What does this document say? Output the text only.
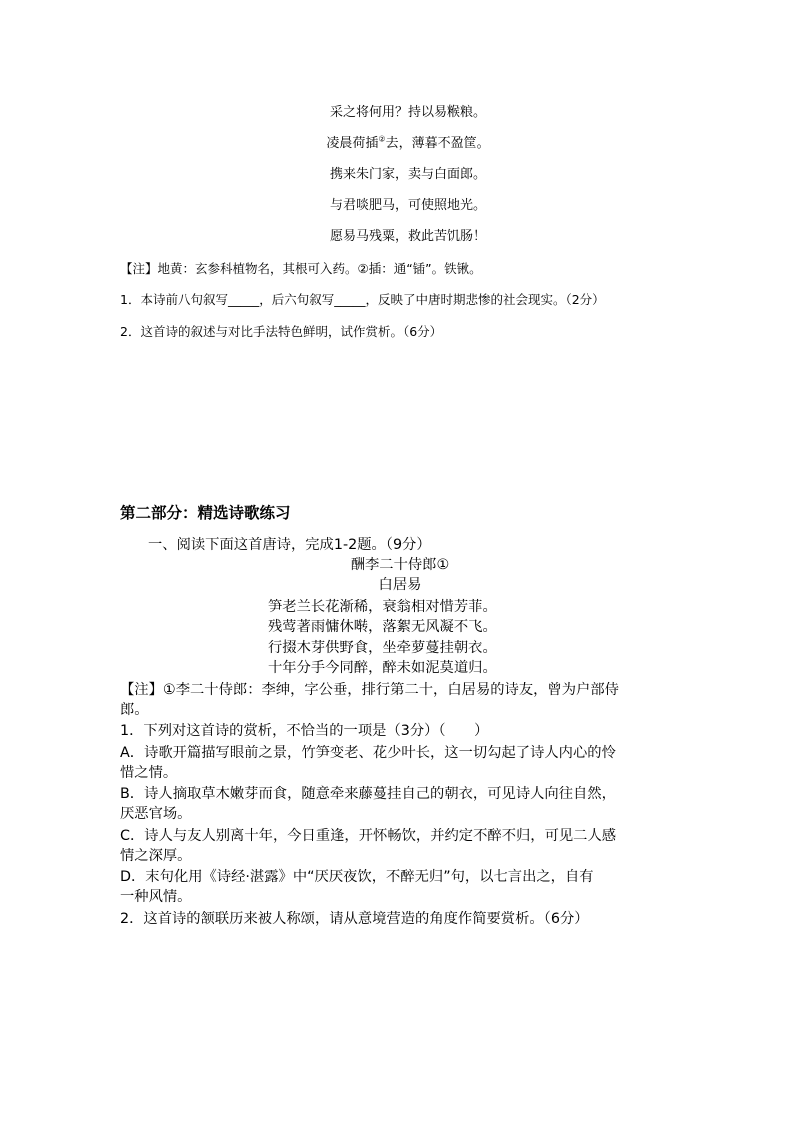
采之将何用？持以易糇粮。
凌晨荷插②去，薄暮不盈筐。
携来朱门家，卖与白面郎。
与君啖肥马，可使照地光。
愿易马残粟，救此苦饥肠！
【注】地黄：玄参科植物名，其根可入药。②插：通“锸”。铁锹。
1．本诗前八句叙写_____，后六句叙写_____，反映了中唐时期悲惨的社会现实。（2分）
2．这首诗的叙述与对比手法特色鲜明，试作赏析。（6分）
第二部分：精选诗歌练习
一、阅读下面这首唐诗，完成1-2题。（9分）
酬李二十侍郎①
白居易
笋老兰长花渐稀，衰翁相对惜芳菲。
残莺著雨慵休啭，落絮无风凝不飞。
行掇木芽供野食，坐牵萝蔓挂朝衣。
十年分手今同醉，醉未如泥莫道归。
【注】①李二十侍郎：李绅，字公垂，排行第二十，白居易的诗友，曾为户部侍
郎。
1．下列对这首诗的赏析，不恰当的一项是（3分）（　　）
A．诗歌开篇描写眼前之景，竹笋变老、花少叶长，这一切勾起了诗人内心的怜
惜之情。
B．诗人摘取草木嫩芽而食，随意牵来藤蔓挂自己的朝衣，可见诗人向往自然，
厌恶官场。
C．诗人与友人别离十年，今日重逢，开怀畅饮，并约定不醉不归，可见二人感
情之深厚。
D．末句化用《诗经·湛露》中“厌厌夜饮，不醉无归”句，以七言出之，自有
一种风情。
2．这首诗的颔联历来被人称颂，请从意境营造的角度作简要赏析。（6分）
